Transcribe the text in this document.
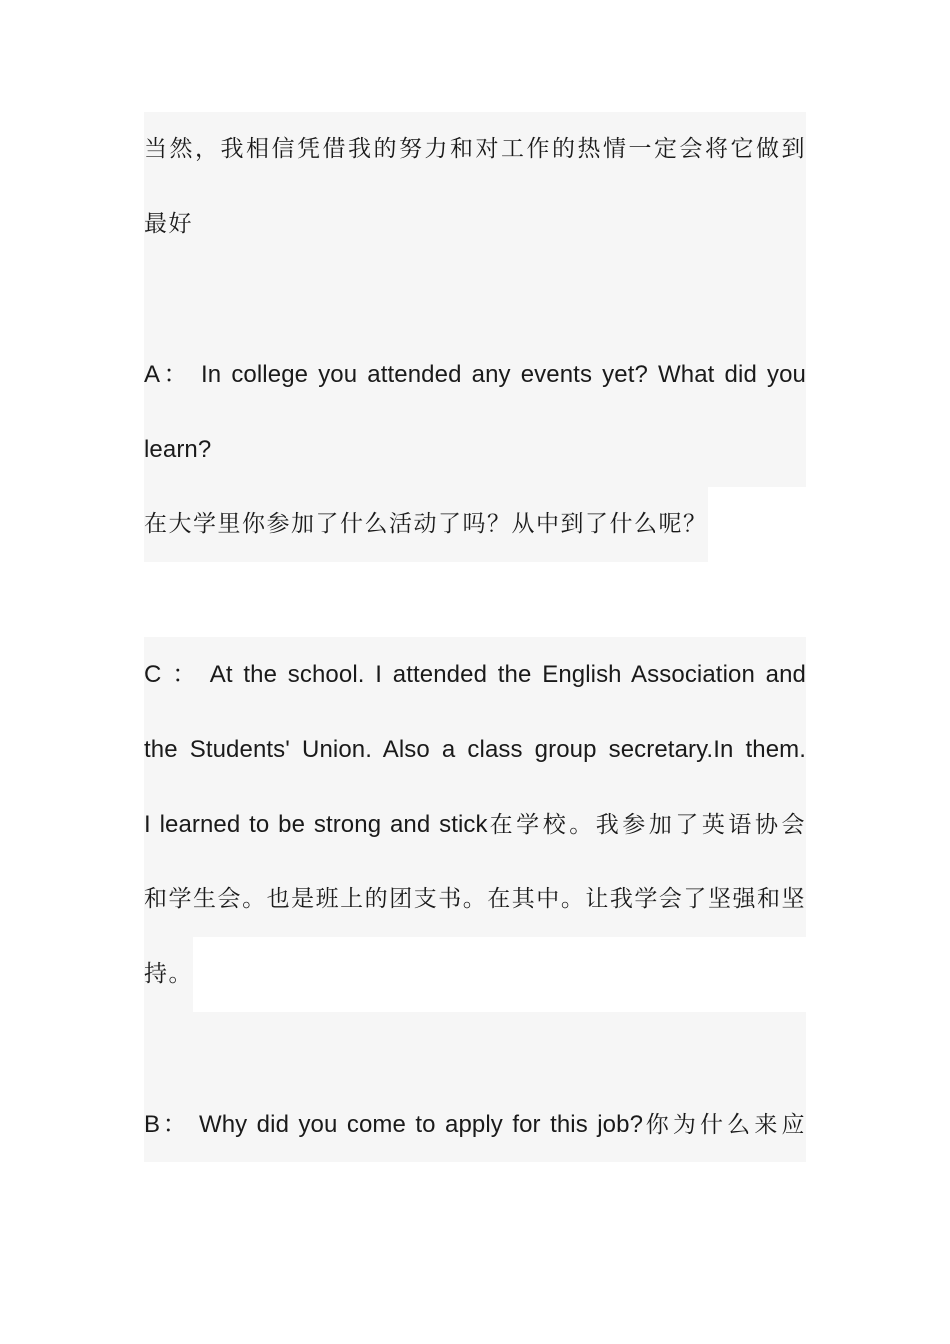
当然，我相信凭借我的努力和对工作的热情一定会将它做到
最好
A： In college you attended any events yet? What did you
learn?
在大学里你参加了什么活动了吗？从中到了什么呢？
C ： At the school. I attended the English Association and
the Students' Union. Also a class group secretary.In them.
I learned to be strong and stick在学校。我参加了英语协会
和学生会。也是班上的团支书。在其中。让我学会了坚强和坚
持。
B： Why did you come to apply for this job?你为什么来应
